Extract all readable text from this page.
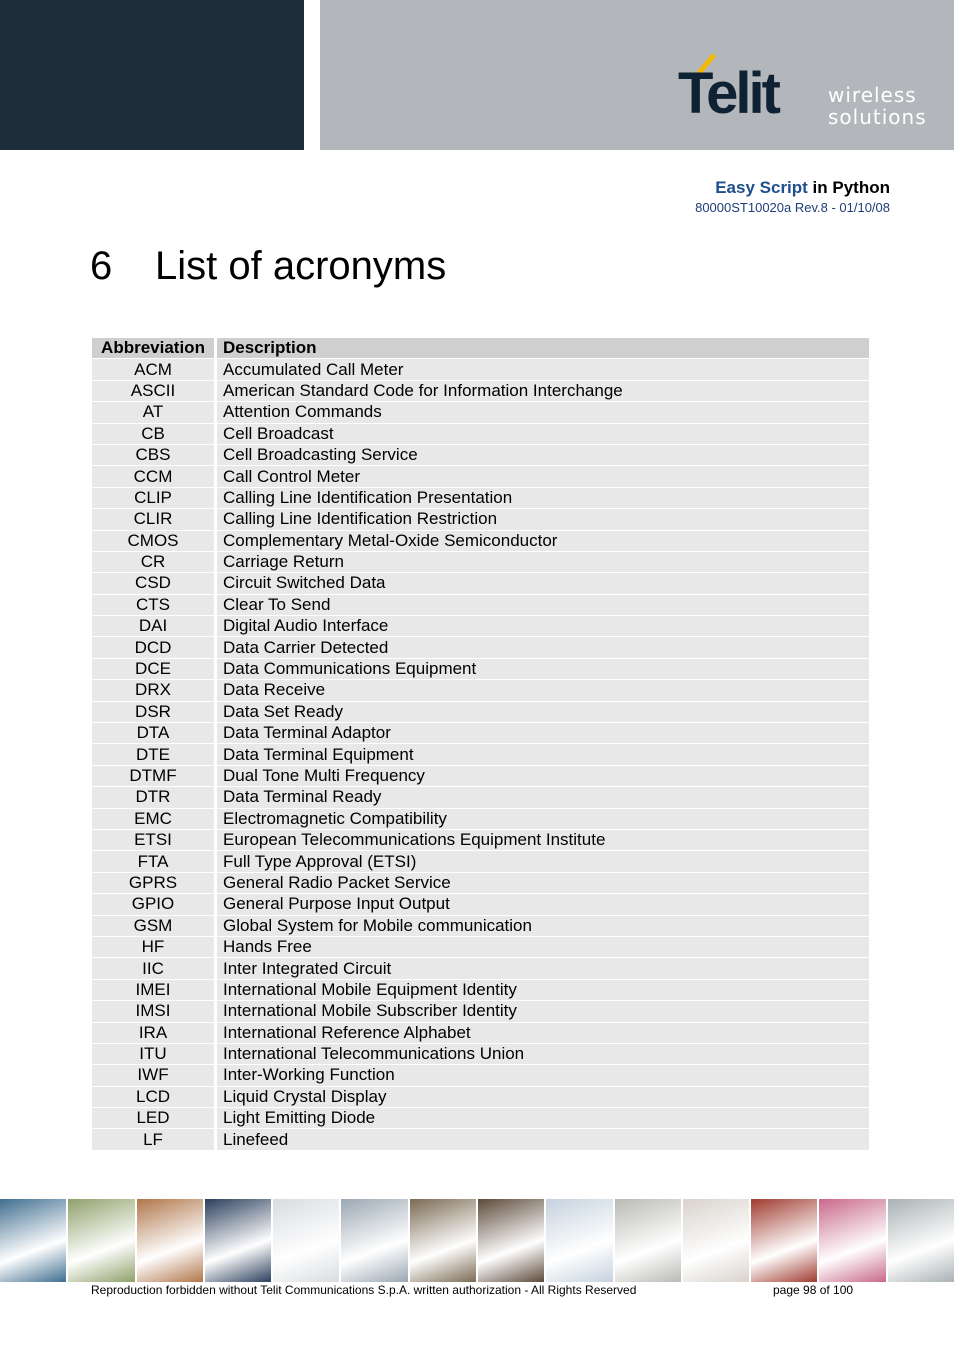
Telit	wireless
solutions
Easy Script in Python
80000ST10020a Rev.8 - 01/10/08
6 List of acronyms
Abbreviation	Description
ACM	Accumulated Call Meter
ASCII	American Standard Code for Information Interchange
AT	Attention Commands
CB	Cell Broadcast
CBS	Cell Broadcasting Service
CCM	Call Control Meter
CLIP	Calling Line Identification Presentation
CLIR	Calling Line Identification Restriction
CMOS	Complementary Metal-Oxide Semiconductor
CR	Carriage Return
CSD	Circuit Switched Data
CTS	Clear To Send
DAI	Digital Audio Interface
DCD	Data Carrier Detected
DCE	Data Communications Equipment
DRX	Data Receive
DSR	Data Set Ready
DTA	Data Terminal Adaptor
DTE	Data Terminal Equipment
DTMF	Dual Tone Multi Frequency
DTR	Data Terminal Ready
EMC	Electromagnetic Compatibility
ETSI	European Telecommunications Equipment Institute
FTA	Full Type Approval (ETSI)
GPRS	General Radio Packet Service
GPIO	General Purpose Input Output
GSM	Global System for Mobile communication
HF	Hands Free
IIC	Inter Integrated Circuit
IMEI	International Mobile Equipment Identity
IMSI	International Mobile Subscriber Identity
IRA	International Reference Alphabet
ITU	International Telecommunications Union
IWF	Inter-Working Function
LCD	Liquid Crystal Display
LED	Light Emitting Diode
LF	Linefeed
Reproduction forbidden without Telit Communications S.p.A. written authorization - All Rights Reserved	page 98 of 100
